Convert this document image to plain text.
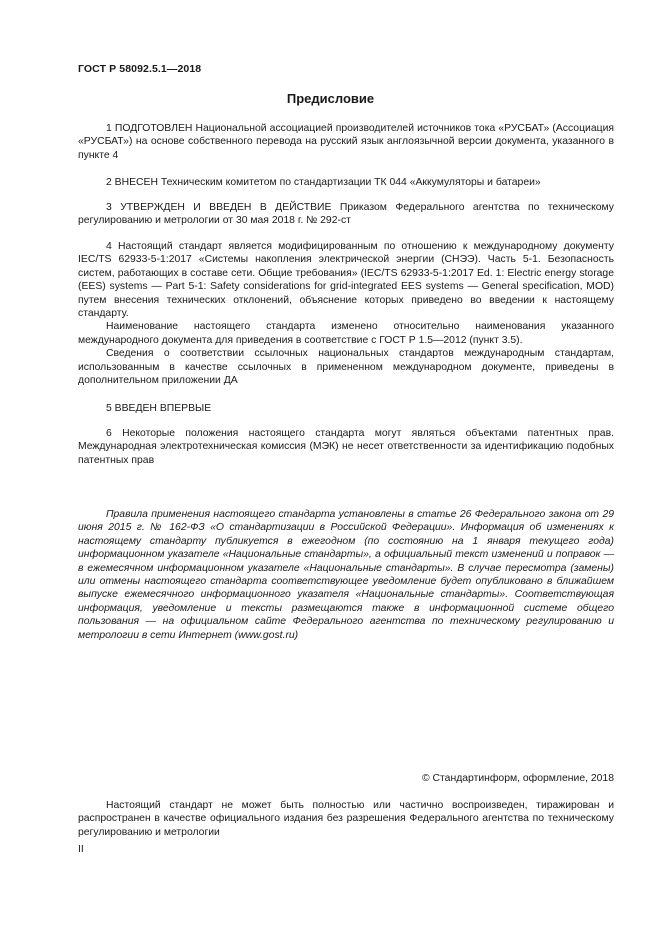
ГОСТ Р 58092.5.1—2018
Предисловие

1 ПОДГОТОВЛЕН Национальной ассоциацией производителей источников тока «РУСБАТ» (Ассоциация «РУСБАТ») на основе собственного перевода на русский язык англоязычной версии документа, указанного в пункте 4

2 ВНЕСЕН Техническим комитетом по стандартизации ТК 044 «Аккумуляторы и батареи»

3 УТВЕРЖДЕН И ВВЕДЕН В ДЕЙСТВИЕ Приказом Федерального агентства по техническому регулированию и метрологии от 30 мая 2018 г. № 292-ст

4 Настоящий стандарт является модифицированным по отношению к международному документу IEC/TS 62933-5-1:2017 «Системы накопления электрической энергии (СНЭЭ). Часть 5-1. Безопасность систем, работающих в составе сети. Общие требования» (IEC/TS 62933-5-1:2017 Ed. 1: Electric energy storage (EES) systems — Part 5-1: Safety considerations for grid-integrated EES systems — General specification, MOD) путем внесения технических отклонений, объяснение которых приведено во введении к настоящему стандарту.

Наименование настоящего стандарта изменено относительно наименования указанного международного документа для приведения в соответствие с ГОСТ Р 1.5—2012 (пункт 3.5).

Сведения о соответствии ссылочных национальных стандартов международным стандартам, использованным в качестве ссылочных в примененном международном документе, приведены в дополнительном приложении ДА

5 ВВЕДЕН ВПЕРВЫЕ

6 Некоторые положения настоящего стандарта могут являться объектами патентных прав. Международная электротехническая комиссия (МЭК) не несет ответственности за идентификацию подобных патентных прав

Правила применения настоящего стандарта установлены в статье 26 Федерального закона от 29 июня 2015 г. № 162-ФЗ «О стандартизации в Российской Федерации». Информация об изменениях к настоящему стандарту публикуется в ежегодном (по состоянию на 1 января текущего года) информационном указателе «Национальные стандарты», а официальный текст изменений и поправок — в ежемесячном информационном указателе «Национальные стандарты». В случае пересмотра (замены) или отмены настоящего стандарта соответствующее уведомление будет опубликовано в ближайшем выпуске ежемесячного информационного указателя «Национальные стандарты». Соответствующая информация, уведомление и тексты размещаются также в информационной системе общего пользования — на официальном сайте Федерального агентства по техническому регулированию и метрологии в сети Интернет (www.gost.ru)

© Стандартинформ, оформление, 2018

Настоящий стандарт не может быть полностью или частично воспроизведен, тиражирован и распространен в качестве официального издания без разрешения Федерального агентства по техническому регулированию и метрологии

II
